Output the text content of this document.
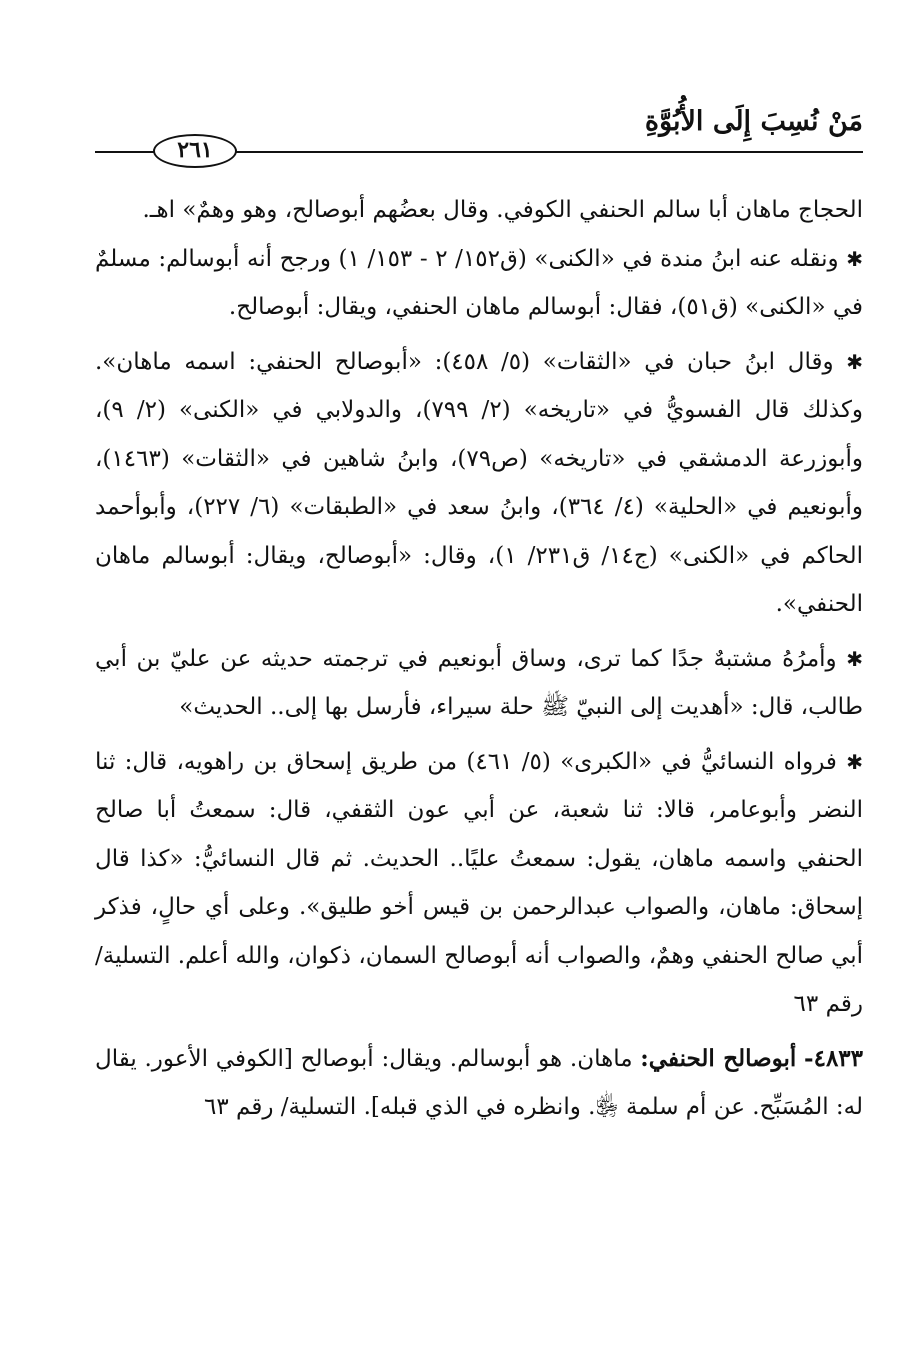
مَنْ نُسِبَ إِلَى الأُبُوَّةِ
٢٦١

الحجاج ماهان أبا سالم الحنفي الكوفي. وقال بعضُهم أبوصالح، وهو وهمٌ» اهـ.

✱ ونقله عنه ابنُ مندة في «الكنى» (ق١٥٢/ ٢ - ١٥٣/ ١) ورجح أنه أبوسالم: مسلمٌ في «الكنى» (ق٥١)، فقال: أبوسالم ماهان الحنفي، ويقال: أبوصالح.

✱ وقال ابنُ حبان في «الثقات» (٥/ ٤٥٨): «أبوصالح الحنفي: اسمه ماهان». وكذلك قال الفسويُّ في «تاريخه» (٢/ ٧٩٩)، والدولابي في «الكنى» (٢/ ٩)، وأبوزرعة الدمشقي في «تاريخه» (ص٧٩)، وابنُ شاهين في «الثقات» (١٤٦٣)، وأبونعيم في «الحلية» (٤/ ٣٦٤)، وابنُ سعد في «الطبقات» (٦/ ٢٢٧)، وأبوأحمد الحاكم في «الكنى» (ج١٤/ ق٢٣١/ ١)، وقال: «أبوصالح، ويقال: أبوسالم ماهان الحنفي».

✱ وأمرُهُ مشتبهٌ جدًا كما ترى، وساق أبونعيم في ترجمته حديثه عن عليّ بن أبي طالب، قال: «أهديت إلى النبيّ ﷺ حلة سيراء، فأرسل بها إلى.. الحديث»

✱ فرواه النسائيُّ في «الكبرى» (٥/ ٤٦١) من طريق إسحاق بن راهويه، قال: ثنا النضر وأبوعامر، قالا: ثنا شعبة، عن أبي عون الثقفي، قال: سمعتُ أبا صالح الحنفي واسمه ماهان، يقول: سمعتُ عليًا.. الحديث. ثم قال النسائيُّ: «كذا قال إسحاق: ماهان، والصواب عبدالرحمن بن قيس أخو طليق». وعلى أي حالٍ، فذكر أبي صالح الحنفي وهمٌ، والصواب أنه أبوصالح السمان، ذكوان، والله أعلم. التسلية/ رقم ٦٣

٤٨٣٣- أبوصالح الحنفي: ماهان. هو أبوسالم. ويقال: أبوصالح [الكوفي الأعور. يقال له: المُسَبِّح. عن أم سلمة ﵂. وانظره في الذي قبله]. التسلية/ رقم ٦٣
